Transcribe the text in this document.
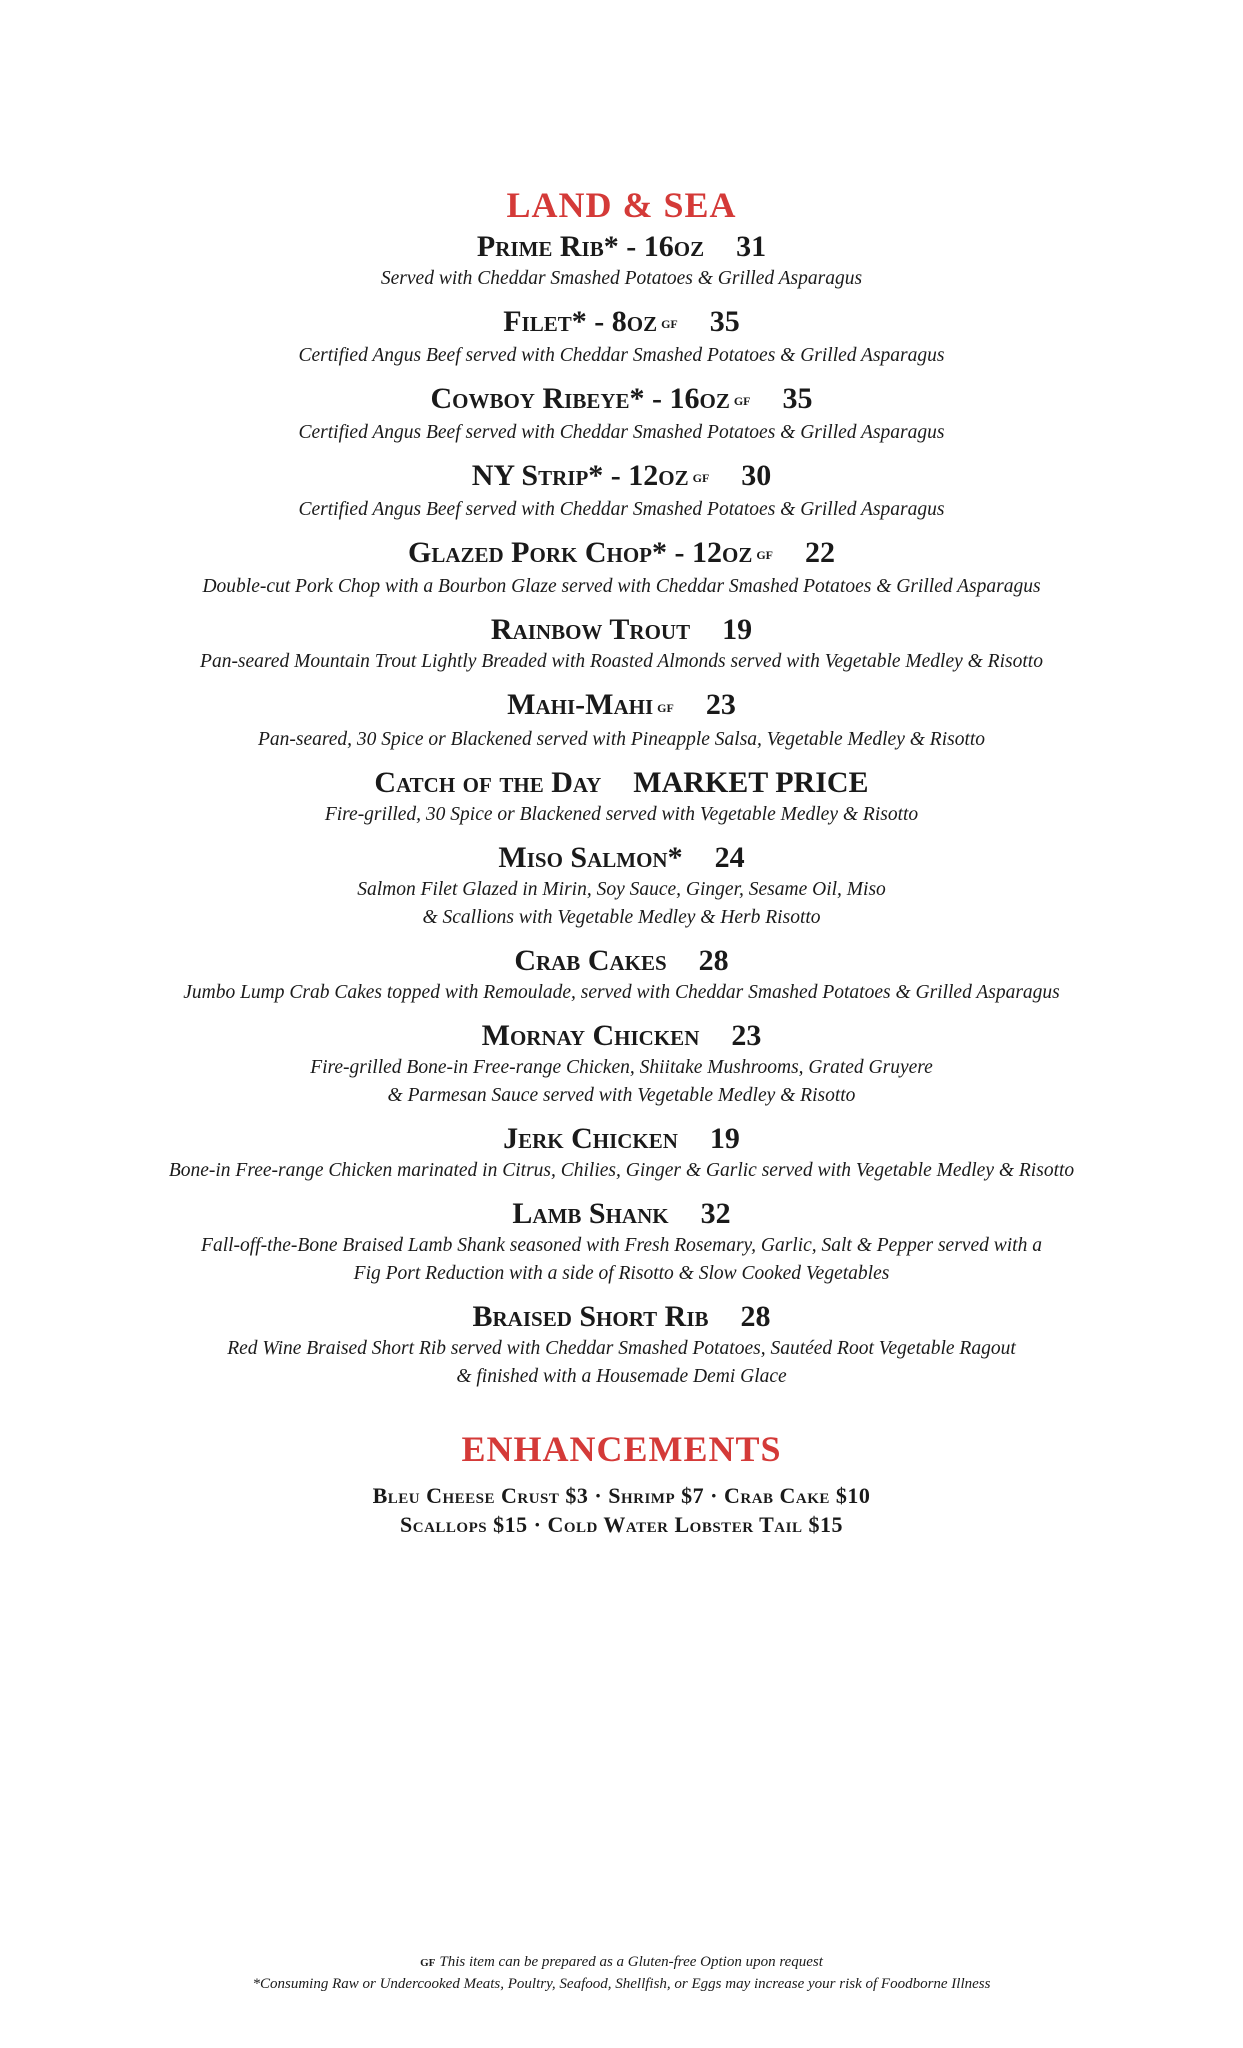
LAND & SEA
Prime Rib* - 16oz 31
Served with Cheddar Smashed Potatoes & Grilled Asparagus
Filet* - 8oz GF 35
Certified Angus Beef served with Cheddar Smashed Potatoes & Grilled Asparagus
Cowboy Ribeye* - 16oz GF 35
Certified Angus Beef served with Cheddar Smashed Potatoes & Grilled Asparagus
NY Strip* - 12oz GF 30
Certified Angus Beef served with Cheddar Smashed Potatoes & Grilled Asparagus
Glazed Pork Chop* - 12oz GF 22
Double-cut Pork Chop with a Bourbon Glaze served with Cheddar Smashed Potatoes & Grilled Asparagus
Rainbow Trout 19
Pan-seared Mountain Trout Lightly Breaded with Roasted Almonds served with Vegetable Medley & Risotto
Mahi-Mahi GF 23
Pan-seared, 30 Spice or Blackened served with Pineapple Salsa, Vegetable Medley & Risotto
Catch of the Day MARKET PRICE
Fire-grilled, 30 Spice or Blackened served with Vegetable Medley & Risotto
Miso Salmon* 24
Salmon Filet Glazed in Mirin, Soy Sauce, Ginger, Sesame Oil, Miso
& Scallions with Vegetable Medley & Herb Risotto
Crab Cakes 28
Jumbo Lump Crab Cakes topped with Remoulade, served with Cheddar Smashed Potatoes & Grilled Asparagus
Mornay Chicken 23
Fire-grilled Bone-in Free-range Chicken, Shiitake Mushrooms, Grated Gruyere
& Parmesan Sauce served with Vegetable Medley & Risotto
Jerk Chicken 19
Bone-in Free-range Chicken marinated in Citrus, Chilies, Ginger & Garlic served with Vegetable Medley & Risotto
Lamb Shank 32
Fall-off-the-Bone Braised Lamb Shank seasoned with Fresh Rosemary, Garlic, Salt & Pepper served with a
Fig Port Reduction with a side of Risotto & Slow Cooked Vegetables
Braised Short Rib 28
Red Wine Braised Short Rib served with Cheddar Smashed Potatoes, Sautéed Root Vegetable Ragout
& finished with a Housemade Demi Glace
ENHANCEMENTS
Bleu Cheese Crust $3 · Shrimp $7 · Crab Cake $10
Scallops $15 · Cold Water Lobster Tail $15
GF This item can be prepared as a Gluten-free Option upon request
*Consuming Raw or Undercooked Meats, Poultry, Seafood, Shellfish, or Eggs may increase your risk of Foodborne Illness
